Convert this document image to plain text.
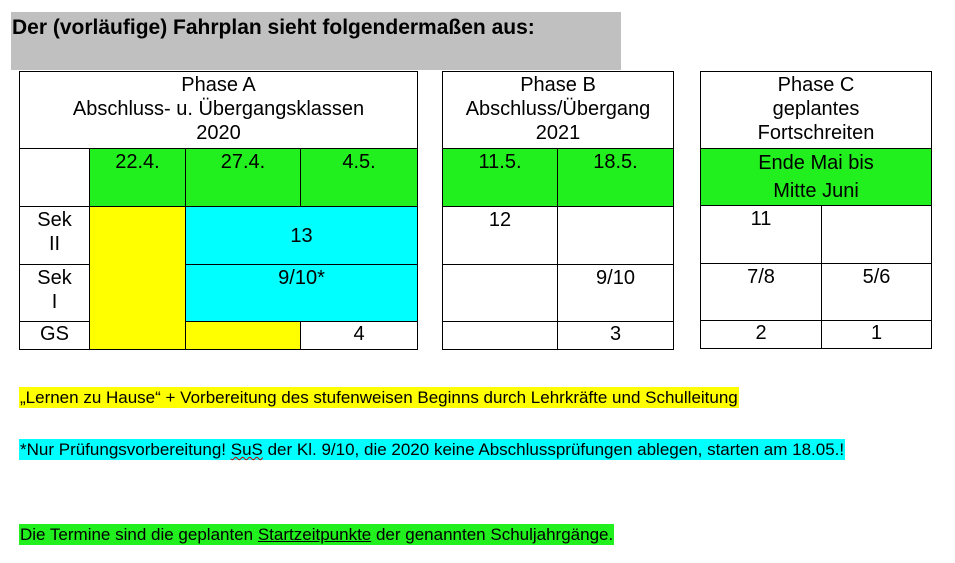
Der (vorläufige) Fahrplan sieht folgendermaßen aus:
Phase A
Abschluss- u. Übergangsklassen
2020			

	22.4.	27.4.	4.5.

Sek
II		13	

Sek
I		9/10*	
GS			4
Phase B
Abschluss/Übergang
2021	

11.5.	18.5.
12	
	9/10
	3
Phase C
geplantes
Fortschreiten	

Ende Mai bis
Mitte Juni	

11	
7/8	5/6
2	1
„Lernen zu Hause“ + Vorbereitung des stufenweisen Beginns durch Lehrkräfte und Schulleitung
*Nur Prüfungsvorbereitung! SuS der Kl. 9/10, die 2020 keine Abschlussprüfungen ablegen, starten am 18.05.!
Die Termine sind die geplanten Startzeitpunkte der genannten Schuljahrgänge.
